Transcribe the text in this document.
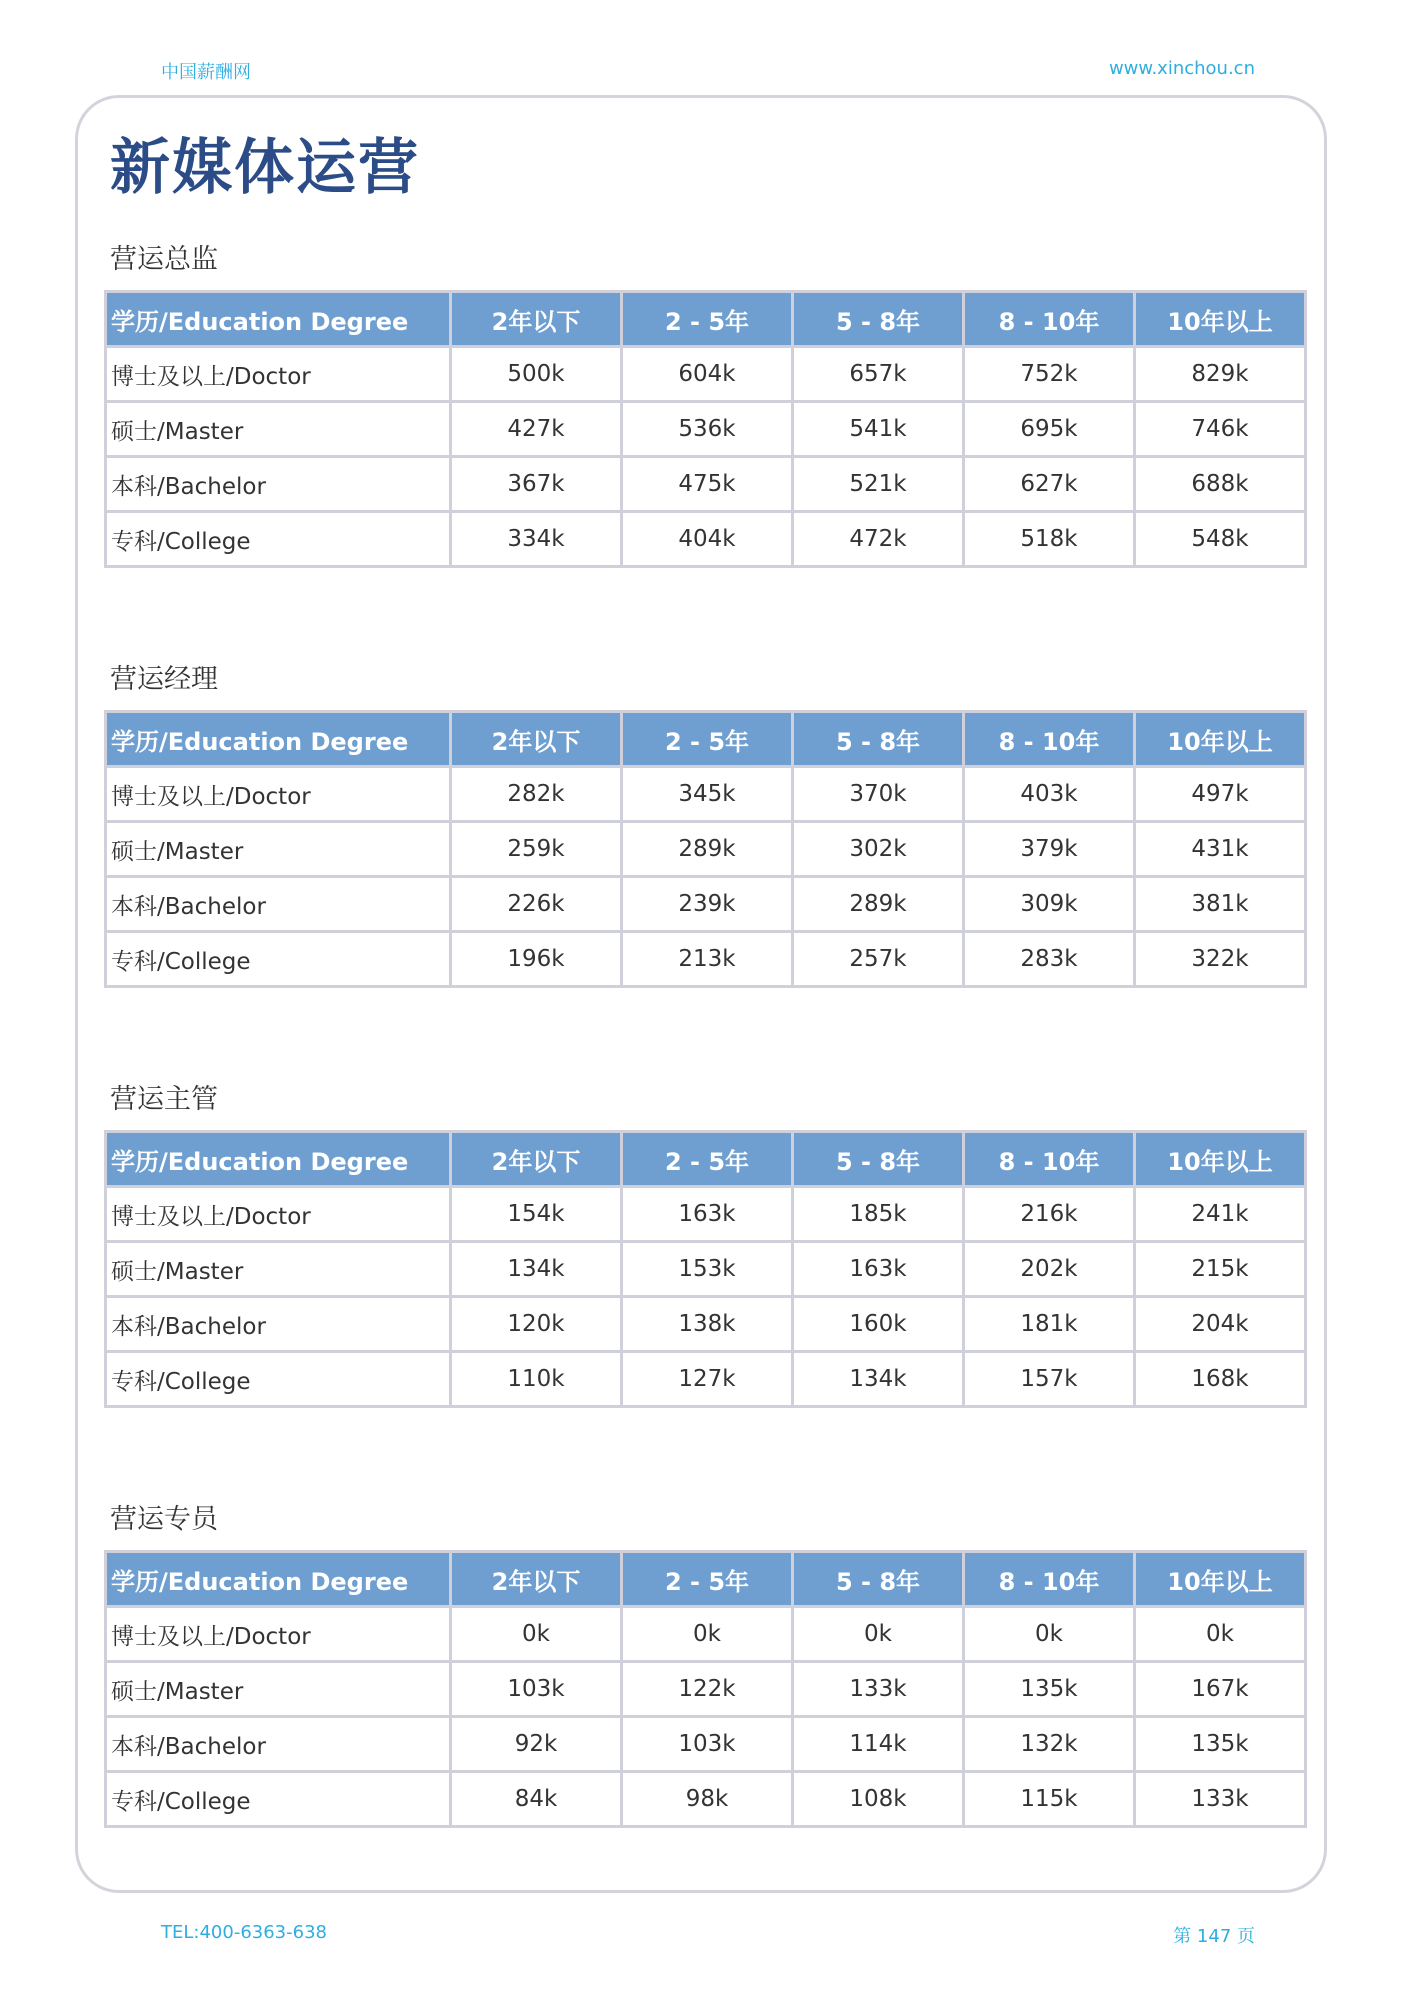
中国薪酬网	www.xinchou.cn
新媒体运营
营运总监
学历/Education Degree	2年以下	2 - 5年	5 - 8年	8 - 10年	10年以上
博士及以上/Doctor	500k	604k	657k	752k	829k
硕士/Master	427k	536k	541k	695k	746k
本科/Bachelor	367k	475k	521k	627k	688k
专科/College	334k	404k	472k	518k	548k
营运经理
学历/Education Degree	2年以下	2 - 5年	5 - 8年	8 - 10年	10年以上
博士及以上/Doctor	282k	345k	370k	403k	497k
硕士/Master	259k	289k	302k	379k	431k
本科/Bachelor	226k	239k	289k	309k	381k
专科/College	196k	213k	257k	283k	322k
营运主管
学历/Education Degree	2年以下	2 - 5年	5 - 8年	8 - 10年	10年以上
博士及以上/Doctor	154k	163k	185k	216k	241k
硕士/Master	134k	153k	163k	202k	215k
本科/Bachelor	120k	138k	160k	181k	204k
专科/College	110k	127k	134k	157k	168k
营运专员
学历/Education Degree	2年以下	2 - 5年	5 - 8年	8 - 10年	10年以上
博士及以上/Doctor	0k	0k	0k	0k	0k
硕士/Master	103k	122k	133k	135k	167k
本科/Bachelor	92k	103k	114k	132k	135k
专科/College	84k	98k	108k	115k	133k
TEL:400-6363-638	第 147 页
